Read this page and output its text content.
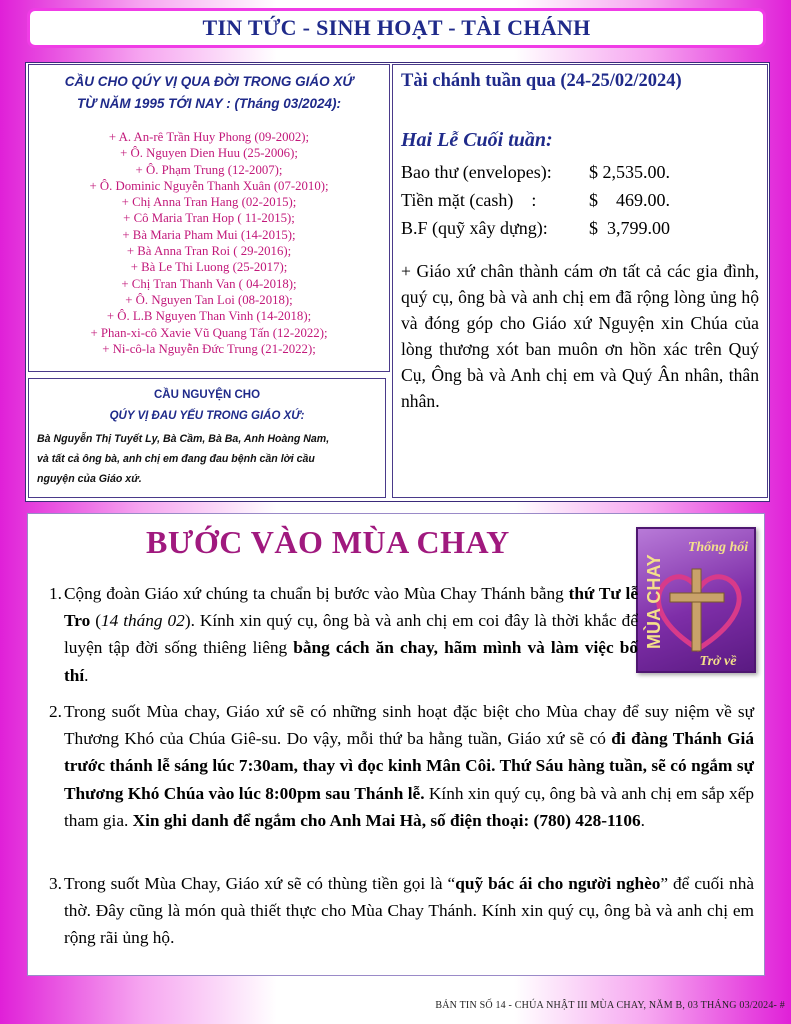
TIN TỨC - SINH HOẠT - TÀI CHÁNH
CẦU CHO QÚY VỊ QUA ĐỜI TRONG GIÁO XỨ
TỪ NĂM 1995 TỚI NAY : (Tháng 03/2024):
+ A. An-rê Trần Huy Phong (09-2002);
+ Ô. Nguyen Dien Huu (25-2006);
+ Ô. Phạm Trung (12-2007);
+ Ô. Dominic Nguyễn Thanh Xuân (07-2010);
+ Chị Anna Tran Hang (02-2015);
+ Cô Maria Tran Hop ( 11-2015);
+ Bà Maria Pham Mui (14-2015);
+ Bà Anna Tran Roi ( 29-2016);
+ Bà Le Thi Luong (25-2017);
+ Chị Tran Thanh Van ( 04-2018);
+ Ô. Nguyen Tan Loi (08-2018);
+ Ô. L.B Nguyen Than Vinh (14-2018);
+ Phan-xi-cô Xavie Vũ Quang Tấn (12-2022);
+ Ni-cô-la Nguyễn Đức Trung (21-2022);
CẦU NGUYỆN CHO
QÚY VỊ ĐAU YẾU TRONG GIÁO XỨ:
Bà Nguyễn Thị Tuyết Ly, Bà Cầm, Bà Ba, Anh Hoàng Nam,
và tất cả ông bà, anh chị em đang đau bệnh cần lời cầu
nguyện của Giáo xứ.
Tài chánh tuần qua (24-25/02/2024)
Hai Lễ Cuối tuần:
Bao thư (envelopes):	$ 2,535.00.
Tiền mặt (cash)    :	$    469.00.
B.F (quỹ xây dựng):	$  3,799.00
+ Giáo xứ chân thành cám ơn tất cả các gia đình, quý cụ, ông bà và anh chị em đã rộng lòng ủng hộ và đóng góp cho Giáo xứ Nguyện xin Chúa của lòng thương xót ban muôn ơn hồn xác trên Quý Cụ, Ông bà và Anh chị em và Quý Ân nhân, thân nhân.
BƯỚC VÀO MÙA CHAY	Thống hối
MÙA CHAY
Trở về
1. Cộng đoàn Giáo xứ chúng ta chuẩn bị bước vào Mùa Chay Thánh bằng thứ Tư lễ Tro (14 tháng 02). Kính xin quý cụ, ông bà và anh chị em coi đây là thời khắc để luyện tập đời sống thiêng liêng bằng cách ăn chay, hãm mình và làm việc bố thí.
2. Trong suốt Mùa chay, Giáo xứ sẽ có những sinh hoạt đặc biệt cho Mùa chay để suy niệm về sự Thương Khó của Chúa Giê-su. Do vậy, mỗi thứ ba hằng tuần, Giáo xứ sẽ có đi đàng Thánh Giá trước thánh lễ sáng lúc 7:30am, thay vì đọc kinh Mân Côi. Thứ Sáu hàng tuần, sẽ có ngắm sự Thương Khó Chúa vào lúc 8:00pm sau Thánh lễ. Kính xin quý cụ, ông bà và anh chị em sắp xếp tham gia. Xin ghi danh để ngắm cho Anh Mai Hà, số điện thoại: (780) 428-1106.
3. Trong suốt Mùa Chay, Giáo xứ sẽ có thùng tiền gọi là “quỹ bác ái cho người nghèo” để cuối nhà thờ. Đây cũng là món quà thiết thực cho Mùa Chay Thánh. Kính xin quý cụ, ông bà và anh chị em rộng rãi ủng hộ.
BẢN TIN SỐ 14 - CHÚA NHẬT III MÙA CHAY, NĂM B, 03 THÁNG 03/2024- #
